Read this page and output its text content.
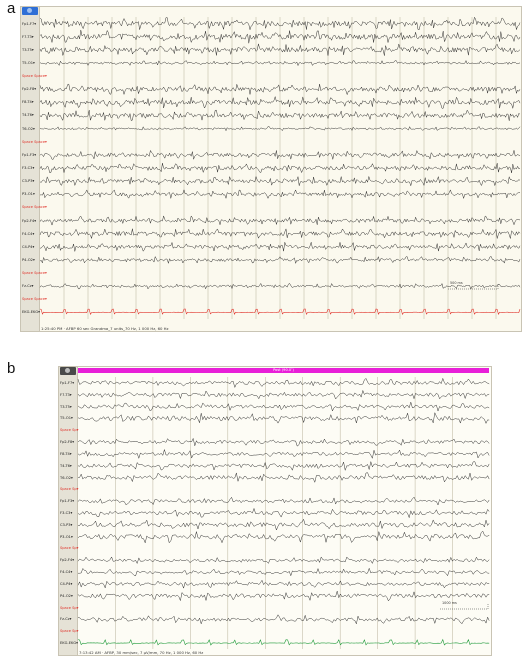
a
b
Fp1-F7▾
F7-T3▾
T3-T5▾
T5-O1▾
Space Space▾
Fp2-F8▾
F8-T4▾
T4-T6▾
T6-O2▾
Space Space▾
Fp1-F3▾
F3-C3▾
C3-P3▾
P3-O1▾
Space Space▾
Fp2-F4▾
F4-C4▾
C4-P4▾
P4-O2▾
Space Space▾
Fz-Cz▾
Space Space▾
EKG-EKG▾
1:25:40 PM · AFBP 60 sec Grandma_7 units_70 Hz, 1 000 Hz, 60 Hz
500 ms
Fp1-F7▾
F7-T3▾
T3-T5▾
T5-O1▾
Space Sp▾
Fp2-F8▾
F8-T4▾
T4-T6▾
T6-O2▾
Space Sp▾
Fp1-F3▾
F3-C3▾
C3-P3▾
P3-O1▾
Space Sp▾
Fp2-F4▾
F4-C4▾
C4-P4▾
P4-O2▾
Space Sp▾
Fz-Cz▾
Space Sp▾
EKG-EKG▾
Post (90.0″)
7:13:42 AM · AFBP, 30 mm/sec, 7 µV/mm, 70 Hz, 1 000 Hz, 60 Hz
1000 ms
